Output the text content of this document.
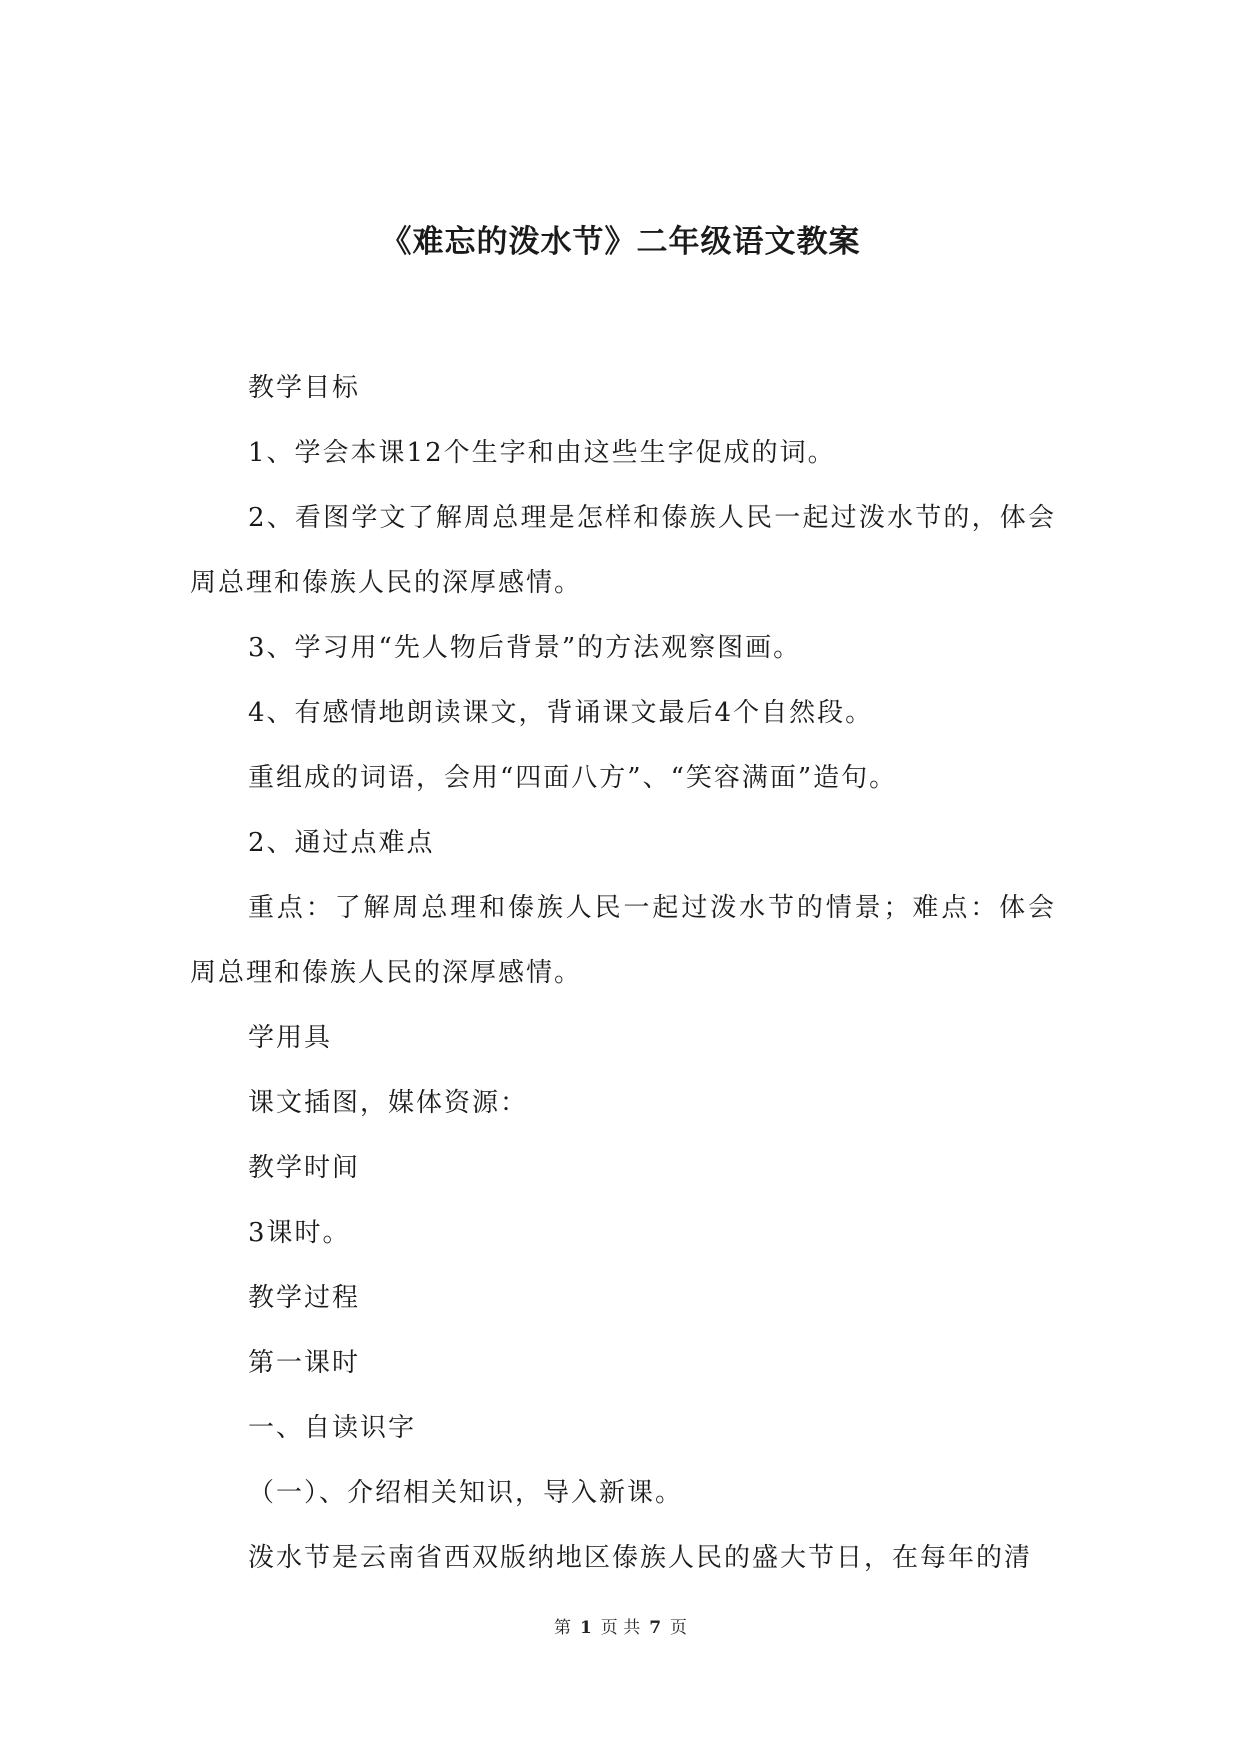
《难忘的泼水节》二年级语文教案

教学目标

1、学会本课12个生字和由这些生字促成的词。

2、看图学文了解周总理是怎样和傣族人民一起过泼水节的，体会周总理和傣族人民的深厚感情。

3、学习用“先人物后背景”的方法观察图画。

4、有感情地朗读课文，背诵课文最后4个自然段。

重组成的词语，会用“四面八方”、“笑容满面”造句。

2、通过点难点

重点：了解周总理和傣族人民一起过泼水节的情景；难点：体会周总理和傣族人民的深厚感情。

学用具

课文插图，媒体资源：

教学时间

3课时。

教学过程

第一课时

一、自读识字

（一）、介绍相关知识，导入新课。

泼水节是云南省西双版纳地区傣族人民的盛大节日，在每年的清

第 1 页 共 7 页
